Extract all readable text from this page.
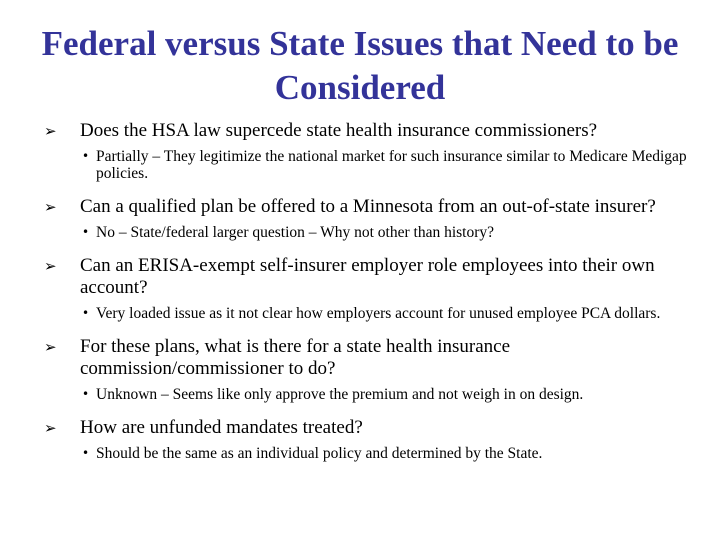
Federal versus State Issues that Need to be Considered
➢ Does the HSA law supercede state health insurance commissioners?
• Partially – They legitimize the national market for such insurance similar to Medicare Medigap policies.
➢ Can a qualified plan be offered to a Minnesota from an out-of-state insurer?
• No – State/federal larger question – Why not other than history?
➢ Can an ERISA-exempt self-insurer employer role employees into their own account?
• Very loaded issue as it not clear how employers account for unused employee PCA dollars.
➢ For these plans, what is there for a state health insurance commission/commissioner to do?
• Unknown – Seems like only approve the premium and not weigh in on design.
➢ How are unfunded mandates treated?
• Should be the same as an individual policy and determined by the State.
